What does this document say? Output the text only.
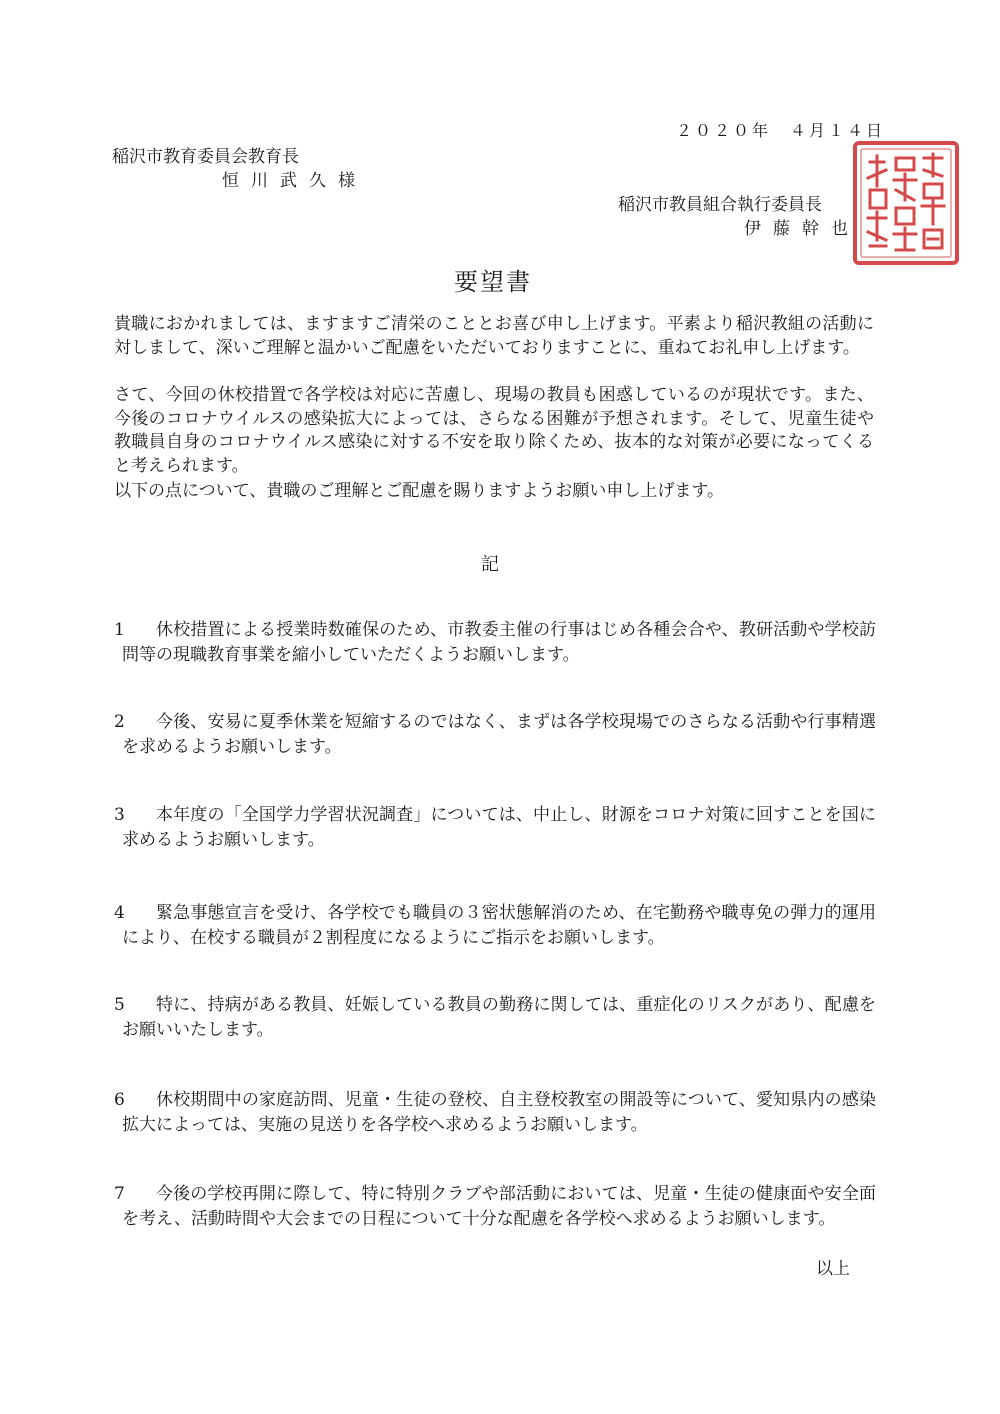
２０２０年　４月１４日
稲沢市教育委員会教育長
恒川武久様
稲沢市教員組合執行委員長
伊藤幹也
要望書

貴職におかれましては、ますますご清栄のこととお喜び申し上げます。平素より稲沢教組の活動に対しまして、深いご理解と温かいご配慮をいただいておりますことに、重ねてお礼申し上げます。

さて、今回の休校措置で各学校は対応に苦慮し、現場の教員も困惑しているのが現状です。また、今後のコロナウイルスの感染拡大によっては、さらなる困難が予想されます。そして、児童生徒や教職員自身のコロナウイルス感染に対する不安を取り除くため、抜本的な対策が必要になってくると考えられます。

以下の点について、貴職のご理解とご配慮を賜りますようお願い申し上げます。

記
1	休校措置による授業時数確保のため、市教委主催の行事はじめ各種会合や、教研活動や学校訪問等の現職教育事業を縮小していただくようお願いします。
2	今後、安易に夏季休業を短縮するのではなく、まずは各学校現場でのさらなる活動や行事精選を求めるようお願いします。
3	本年度の「全国学力学習状況調査」については、中止し、財源をコロナ対策に回すことを国に求めるようお願いします。
4	緊急事態宣言を受け、各学校でも職員の３密状態解消のため、在宅勤務や職専免の弾力的運用により、在校する職員が２割程度になるようにご指示をお願いします。
5	特に、持病がある教員、妊娠している教員の勤務に関しては、重症化のリスクがあり、配慮をお願いいたします。
6	休校期間中の家庭訪問、児童・生徒の登校、自主登校教室の開設等について、愛知県内の感染拡大によっては、実施の見送りを各学校へ求めるようお願いします。
7	今後の学校再開に際して、特に特別クラブや部活動においては、児童・生徒の健康面や安全面を考え、活動時間や大会までの日程について十分な配慮を各学校へ求めるようお願いします。
以上
